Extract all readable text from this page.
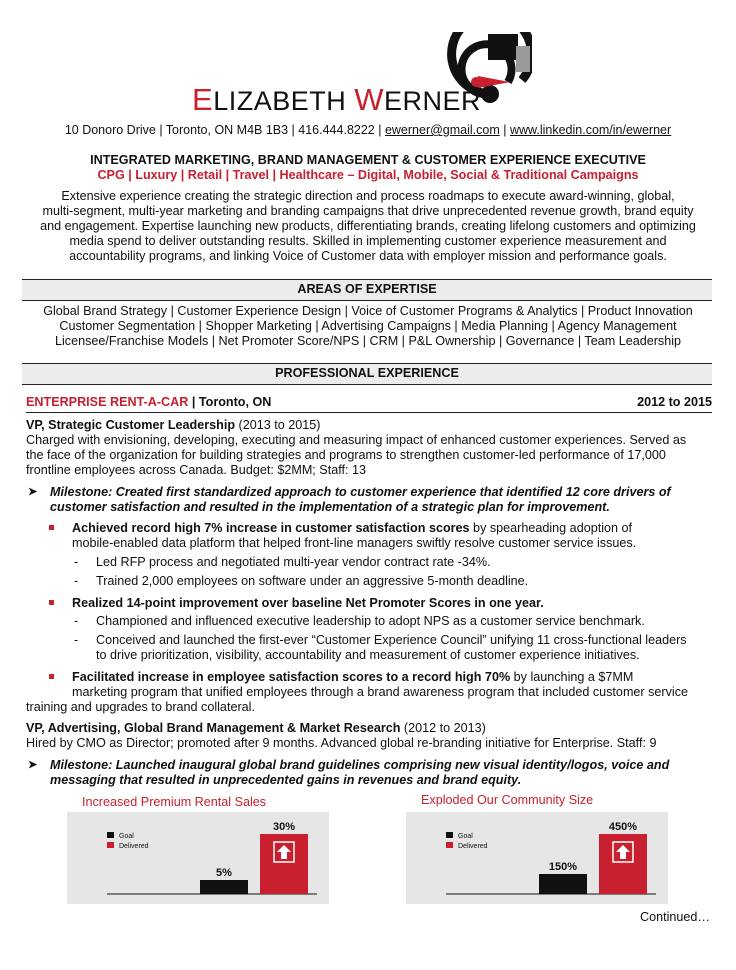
ELIZABETH WERNER
10 Donoro Drive | Toronto, ON M4B 1B3 | 416.444.8222 | ewerner@gmail.com | www.linkedin.com/in/ewerner
INTEGRATED MARKETING, BRAND MANAGEMENT & CUSTOMER EXPERIENCE EXECUTIVE
CPG | Luxury | Retail | Travel | Healthcare – Digital, Mobile, Social & Traditional Campaigns
Extensive experience creating the strategic direction and process roadmaps to execute award-winning, global,
multi-segment, multi-year marketing and branding campaigns that drive unprecedented revenue growth, brand equity
and engagement. Expertise launching new products, differentiating brands, creating lifelong customers and optimizing
media spend to deliver outstanding results. Skilled in implementing customer experience measurement and
accountability programs, and linking Voice of Customer data with employer mission and performance goals.
AREAS OF EXPERTISE
Global Brand Strategy | Customer Experience Design | Voice of Customer Programs & Analytics | Product Innovation
Customer Segmentation | Shopper Marketing | Advertising Campaigns | Media Planning | Agency Management
Licensee/Franchise Models | Net Promoter Score/NPS | CRM | P&L Ownership | Governance | Team Leadership
PROFESSIONAL EXPERIENCE
ENTERPRISE RENT-A-CAR | Toronto, ON	2012 to 2015
VP, Strategic Customer Leadership (2013 to 2015)
Charged with envisioning, developing, executing and measuring impact of enhanced customer experiences. Served as
the face of the organization for building strategies and programs to strengthen customer-led performance of 17,000
frontline employees across Canada. Budget: $2MM; Staff: 13
➤ Milestone: Created first standardized approach to customer experience that identified 12 core drivers of
customer satisfaction and resulted in the implementation of a strategic plan for improvement.
Achieved record high 7% increase in customer satisfaction scores by spearheading adoption of
mobile-enabled data platform that helped front-line managers swiftly resolve customer service issues.
- Led RFP process and negotiated multi-year vendor contract rate -34%.
- Trained 2,000 employees on software under an aggressive 5-month deadline.
Realized 14-point improvement over baseline Net Promoter Scores in one year.
- Championed and influenced executive leadership to adopt NPS as a customer service benchmark.
- Conceived and launched the first-ever “Customer Experience Council” unifying 11 cross-functional leaders
to drive prioritization, visibility, accountability and measurement of customer experience initiatives.
Facilitated increase in employee satisfaction scores to a record high 70% by launching a $7MM
marketing program that unified employees through a brand awareness program that included customer service
training and upgrades to brand collateral.
VP, Advertising, Global Brand Management & Market Research (2012 to 2013)
Hired by CMO as Director; promoted after 9 months. Advanced global re-branding initiative for Enterprise. Staff: 9
➤ Milestone: Launched inaugural global brand guidelines comprising new visual identity/logos, voice and
messaging that resulted in unprecedented gains in revenues and brand equity.
Increased Premium Rental Sales	Exploded Our Community Size
Goal
Delivered
5%
30%
Goal
Delivered
150%
450%
Continued…
